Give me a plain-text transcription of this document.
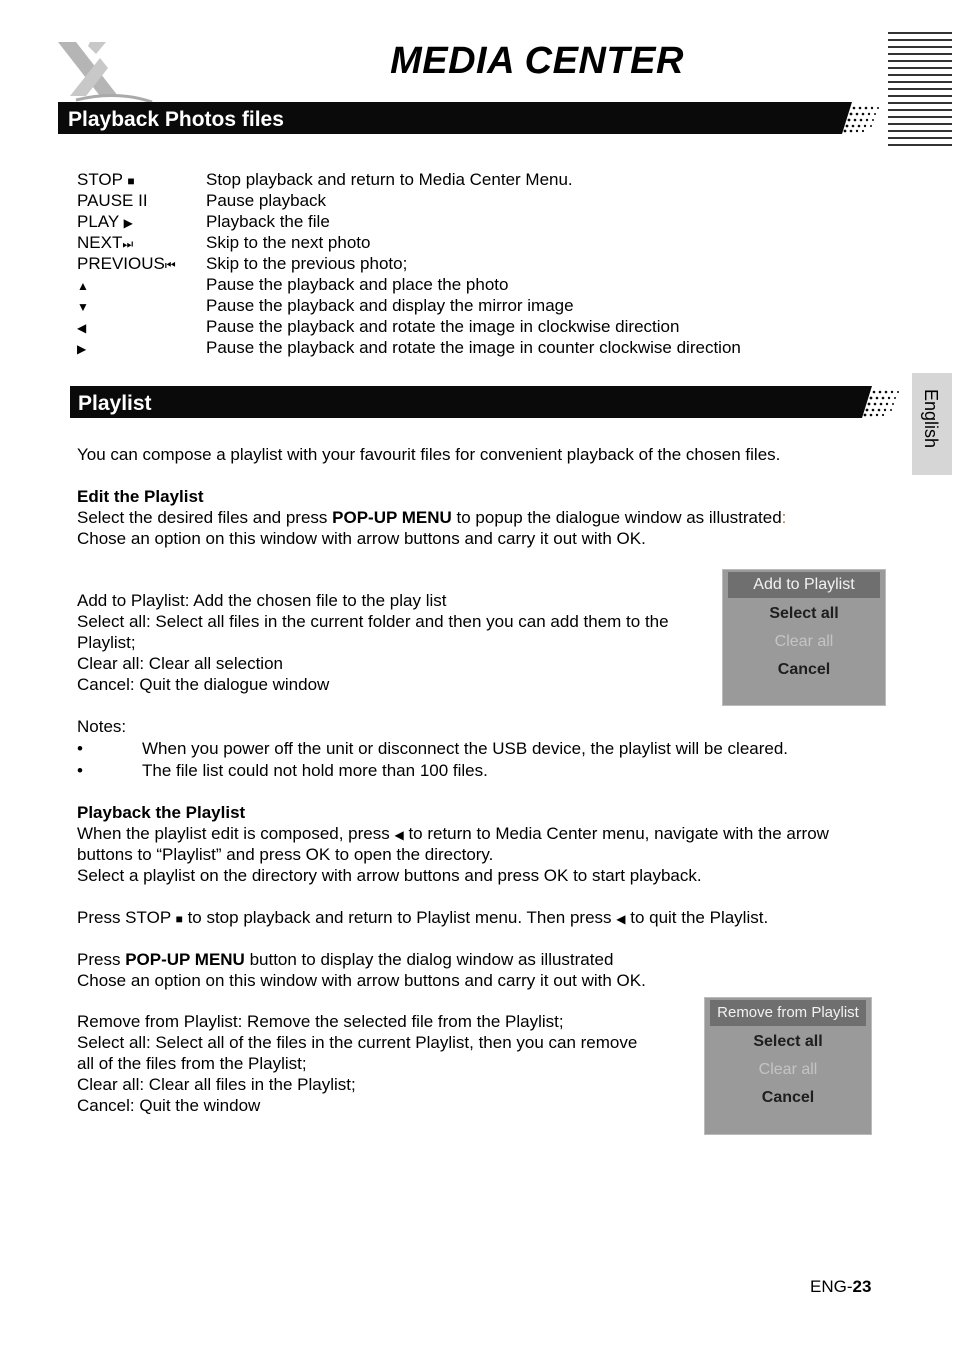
MEDIA CENTER
English
Playback Photos files
STOP ■	Stop playback and return to Media Center Menu.
PAUSE II	Pause playback
PLAY ▶	Playback the file
NEXT⏭	Skip to the next photo
PREVIOUS⏮ Skip to the previous photo;
▲	Pause the playback and place the photo
▼	Pause the playback and display the mirror image
◀	Pause the playback and rotate the image in clockwise direction
▶	Pause the playback and rotate the image in counter clockwise direction
Playlist
You can compose a playlist with your favourit files for convenient playback of the chosen files.
Edit the Playlist
Select the desired files and press POP-UP MENU to popup the dialogue window as illustrated:
Chose an option on this window with arrow buttons and carry it out with OK.
Add to Playlist: Add the chosen file to the play list
Select all: Select all files in the current folder and then you can add them to the
Playlist;
Clear all: Clear all selection
Cancel: Quit the dialogue window
Add to Playlist
Select all
Clear all
Cancel
Notes:
•	When you power off the unit or disconnect the USB device, the playlist will be cleared.
•	The file list could not hold more than 100 files.
Playback the Playlist
When the playlist edit is composed, press ◀ to return to Media Center menu, navigate with the arrow
buttons to “Playlist” and press OK to open the directory.
Select a playlist on the directory with arrow buttons and press OK to start playback.
Press STOP ■ to stop playback and return to Playlist menu. Then press ◀ to quit the Playlist.
Press POP-UP MENU button to display the dialog window as illustrated
Chose an option on this window with arrow buttons and carry it out with OK.
Remove from Playlist: Remove the selected file from the Playlist;
Select all: Select all of the files in the current Playlist, then you can remove
all of the files from the Playlist;
Clear all: Clear all files in the Playlist;
Cancel: Quit the window
Remove from Playlist
Select all
Clear all
Cancel
ENG-23
